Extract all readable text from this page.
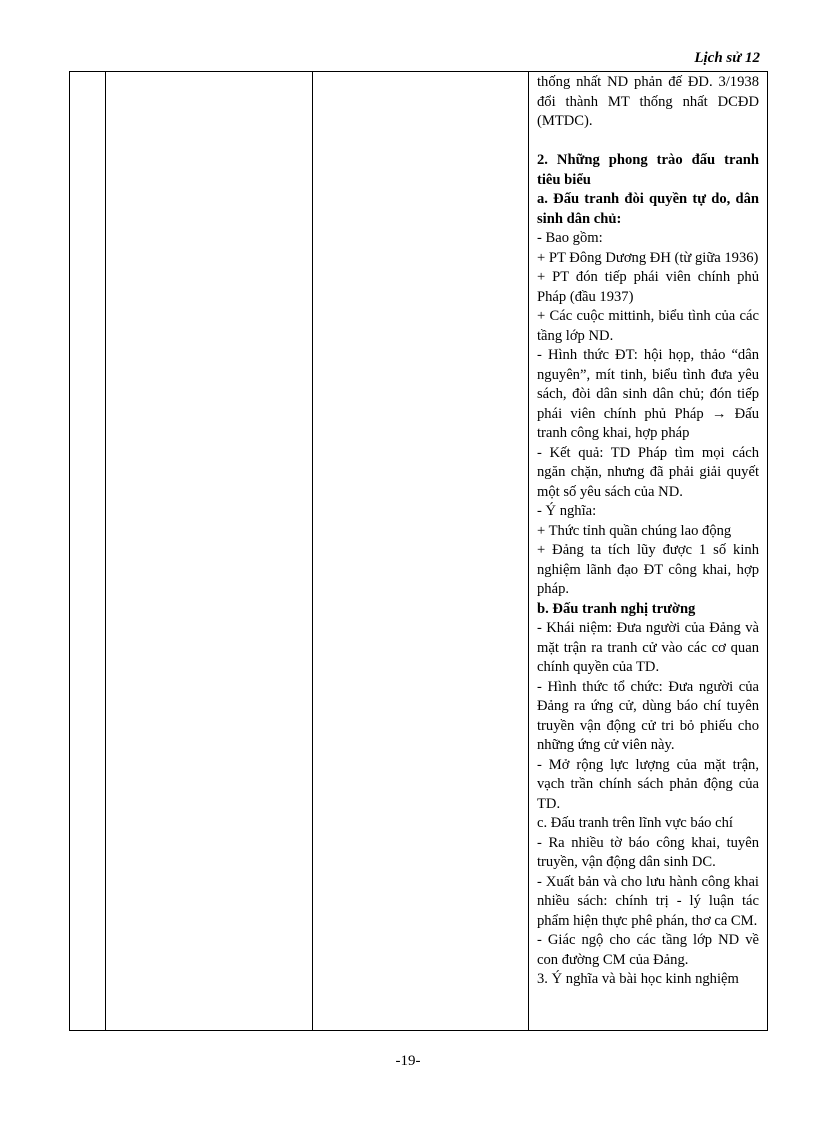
Lịch sử 12

thống nhất ND phản đế ĐD. 3/1938 đổi thành MT thống nhất DCĐD (MTDC).

2. Những phong trào đấu tranh tiêu biểu

a. Đấu tranh đòi quyền tự do, dân sinh dân chủ:

- Bao gồm:

+ PT Đông Dương ĐH (từ giữa 1936)

+ PT đón tiếp phái viên chính phủ Pháp (đầu 1937)

+ Các cuộc mittinh, biểu tình của các tầng lớp ND.

- Hình thức ĐT: hội họp, thảo “dân nguyên”, mít tinh, biểu tình đưa yêu sách, đòi dân sinh dân chủ; đón tiếp phái viên chính phủ Pháp → Đấu tranh công khai, hợp pháp

- Kết quả: TD Pháp tìm mọi cách ngăn chặn, nhưng đã phải giải quyết một số yêu sách của ND.

- Ý nghĩa:

+ Thức tỉnh quần chúng lao động

+ Đảng ta tích lũy được 1 số kinh nghiệm lãnh đạo ĐT công khai, hợp pháp.

b. Đấu tranh nghị trường

- Khái niệm: Đưa người của Đảng và mặt trận ra tranh cử vào các cơ quan chính quyền của TD.

- Hình thức tổ chức: Đưa người của Đảng ra ứng cử, dùng báo chí tuyên truyền vận động cử tri bỏ phiếu cho những ứng cử viên này.

- Mở rộng lực lượng của mặt trận, vạch trần chính sách phản động của TD.

c. Đấu tranh trên lĩnh vực báo chí

- Ra nhiều tờ báo công khai, tuyên truyền, vận động dân sinh DC.

- Xuất bản và cho lưu hành công khai nhiều sách: chính trị - lý luận tác phẩm hiện thực phê phán, thơ ca CM.

- Giác ngộ cho các tầng lớp ND về con đường CM của Đảng.

3. Ý nghĩa và bài học kinh nghiệm

-19-
